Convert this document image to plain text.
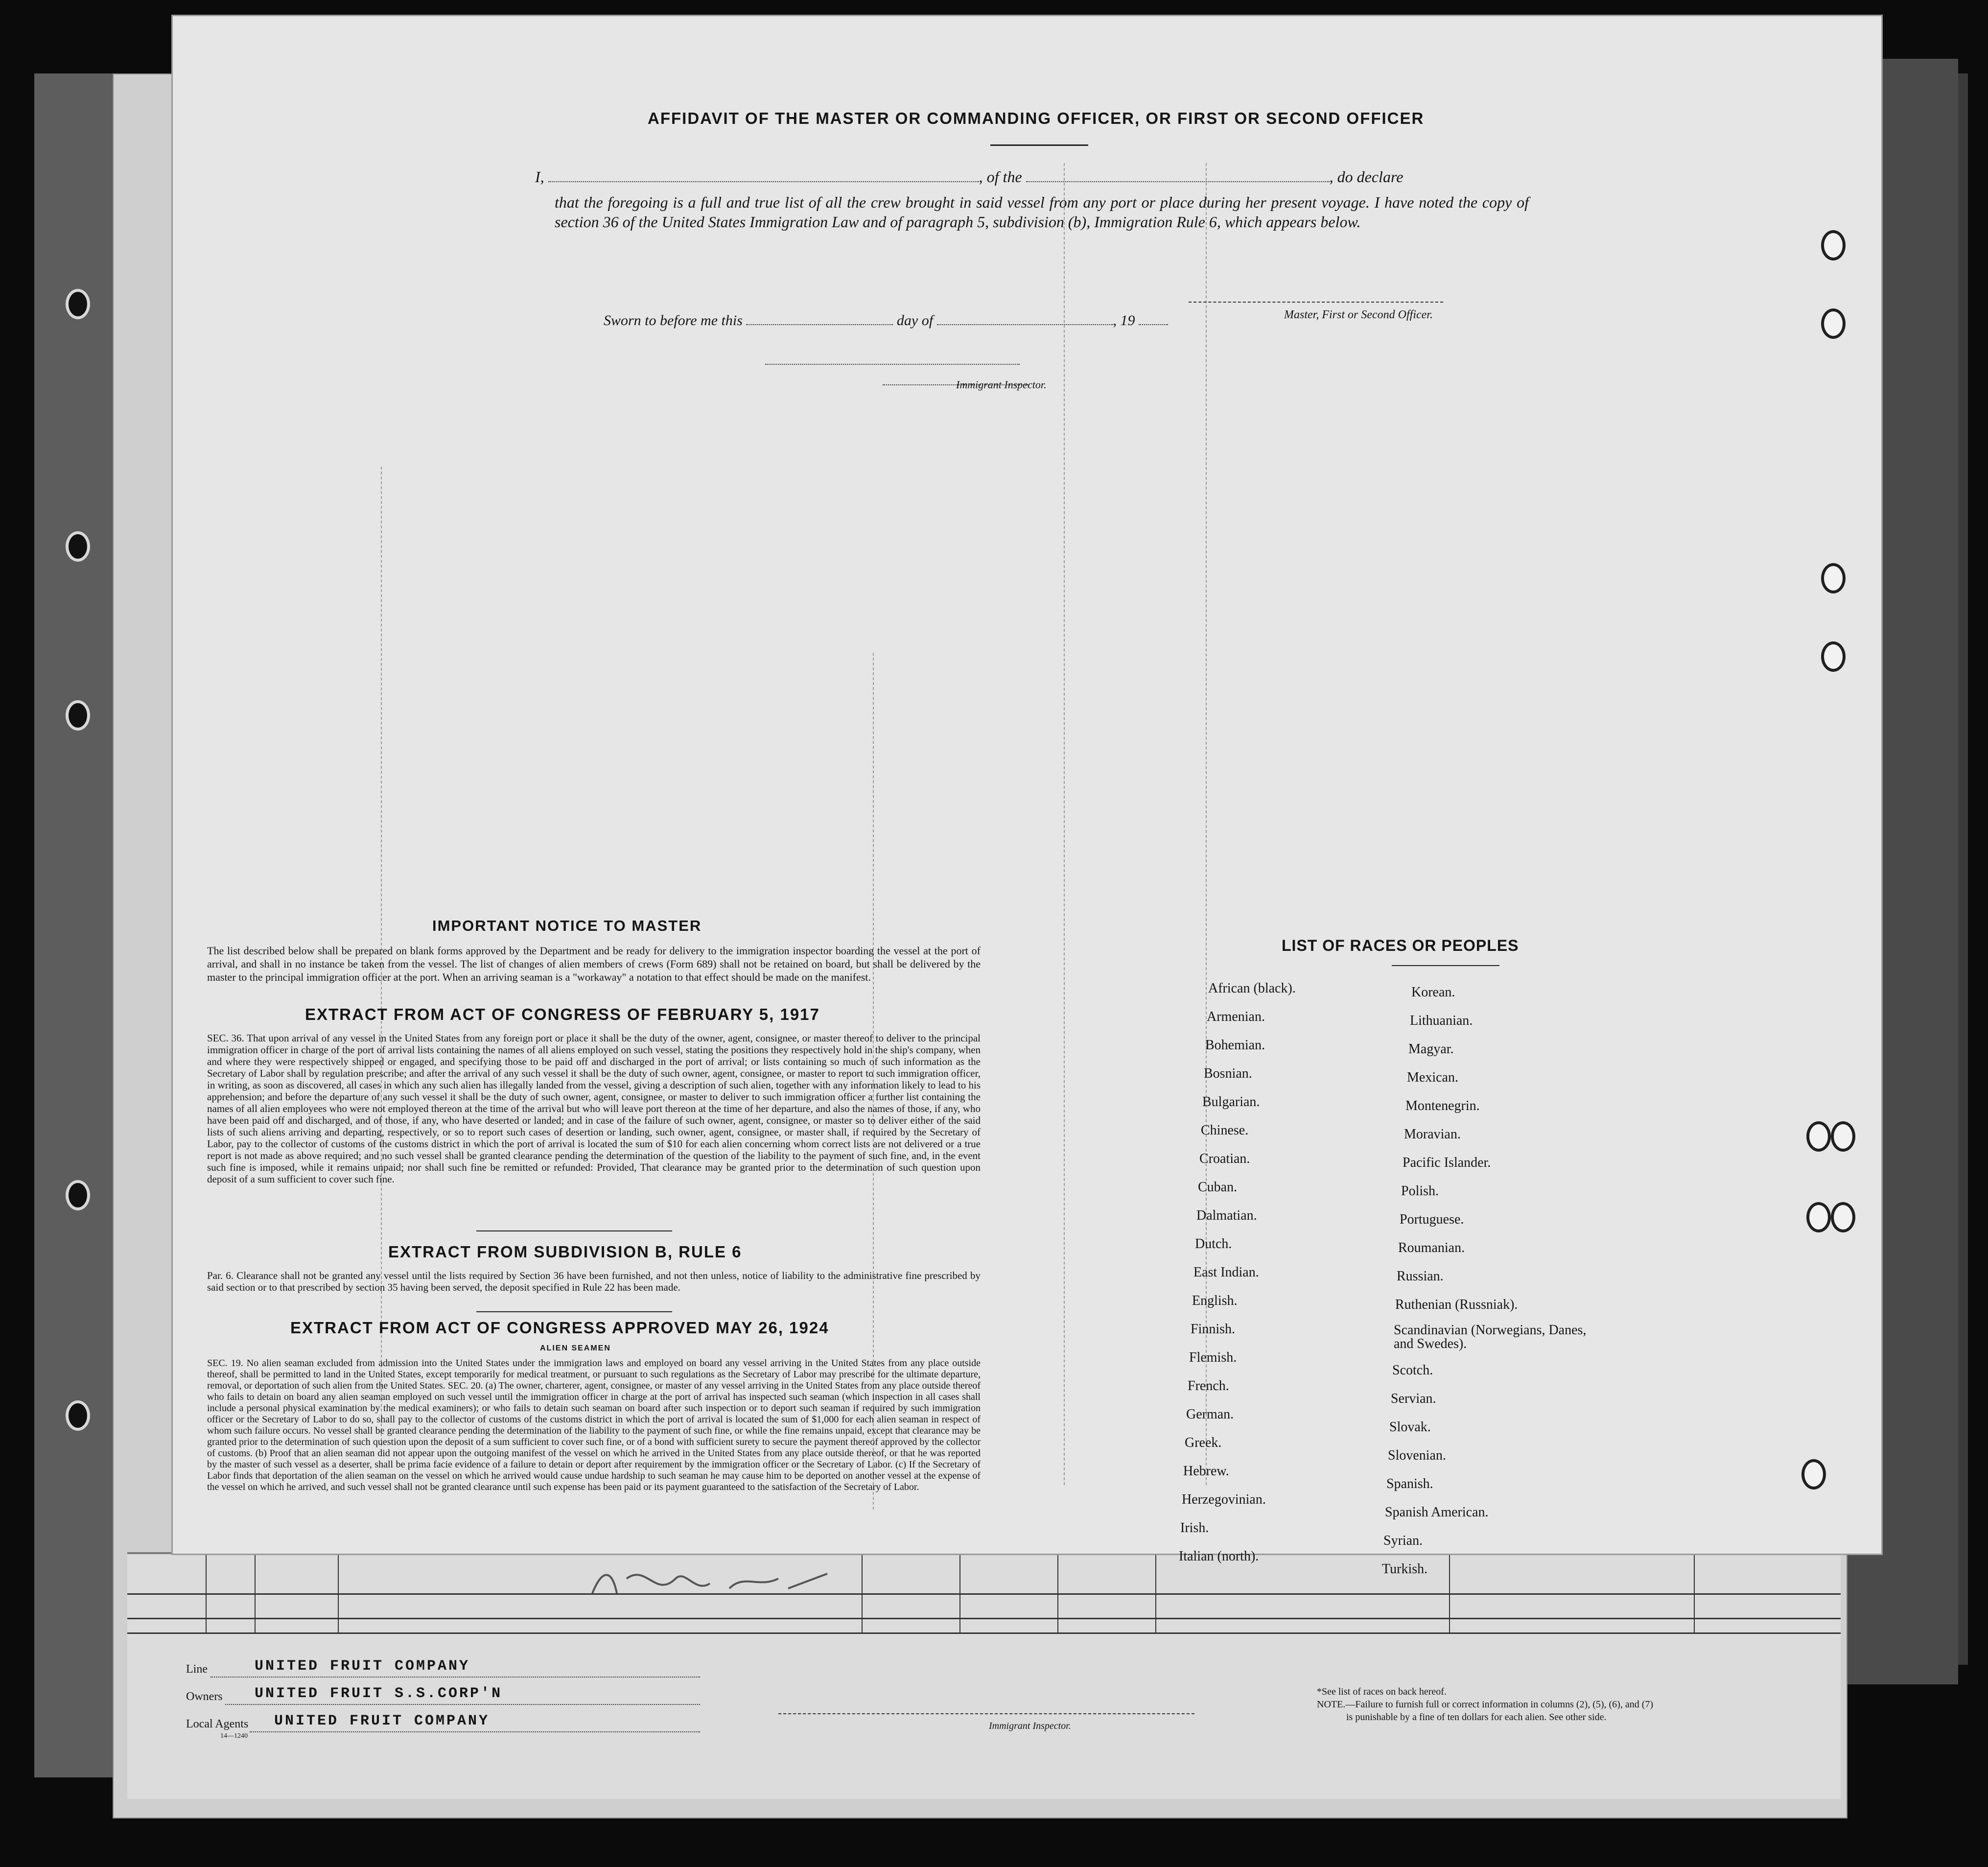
Line	UNITED FRUIT COMPANY
Owners UNITED FRUIT S.S.CORP'N
Local Agents UNITED FRUIT COMPANY
14—1240
Immigrant Inspector.
*See list of races on back hereof.
NOTE.—Failure to furnish full or correct information in columns (2), (5), (6), and (7)
is punishable by a fine of ten dollars for each alien. See other side.
AFFIDAVIT OF THE MASTER OR COMMANDING OFFICER, OR FIRST OR SECOND OFFICER
I,	, of the	, do declare
that the foregoing is a full and true list of all the crew brought in said vessel from any port or place during her present voyage. I have noted the copy of section 36 of the United States Immigration Law and of paragraph 5, subdivision (b), Immigration Rule 6, which appears below.
Master, First or Second Officer.
Sworn to before me this	day of	, 19
Immigrant Inspector.
IMPORTANT NOTICE TO MASTER
The list described below shall be prepared on blank forms approved by the Department and be ready for delivery to the immigration inspector boarding the vessel at the port of arrival, and shall in no instance be taken from the vessel. The list of changes of alien members of crews (Form 689) shall not be retained on board, but shall be delivered by the master to the principal immigration officer at the port. When an arriving seaman is a "workaway" a notation to that effect should be made on the manifest.
EXTRACT FROM ACT OF CONGRESS OF FEBRUARY 5, 1917
SEC. 36. That upon arrival of any vessel in the United States from any foreign port or place it shall be the duty of the owner, agent, consignee, or master thereof to deliver to the principal immigration officer in charge of the port of arrival lists containing the names of all aliens employed on such vessel, stating the positions they respectively hold in the ship's company, when and where they were respectively shipped or engaged, and specifying those to be paid off and discharged in the port of arrival; or lists containing so much of such information as the Secretary of Labor shall by regulation prescribe; and after the arrival of any such vessel it shall be the duty of such owner, agent, consignee, or master to report to such immigration officer, in writing, as soon as discovered, all cases in which any such alien has illegally landed from the vessel, giving a description of such alien, together with any information likely to lead to his apprehension; and before the departure of any such vessel it shall be the duty of such owner, agent, consignee, or master to deliver to such immigration officer a further list containing the names of all alien employees who were not employed thereon at the time of the arrival but who will leave port thereon at the time of her departure, and also the names of those, if any, who have been paid off and discharged, and of those, if any, who have deserted or landed; and in case of the failure of such owner, agent, consignee, or master so to deliver either of the said lists of such aliens arriving and departing, respectively, or so to report such cases of desertion or landing, such owner, agent, consignee, or master shall, if required by the Secretary of Labor, pay to the collector of customs of the customs district in which the port of arrival is located the sum of $10 for each alien concerning whom correct lists are not delivered or a true report is not made as above required; and no such vessel shall be granted clearance pending the determination of the question of the liability to the payment of such fine, and, in the event such fine is imposed, while it remains unpaid; nor shall such fine be remitted or refunded: Provided, That clearance may be granted prior to the determination of such question upon deposit of a sum sufficient to cover such fine.
EXTRACT FROM SUBDIVISION B, RULE 6
Par. 6. Clearance shall not be granted any vessel until the lists required by Section 36 have been furnished, and not then unless, notice of liability to the administrative fine prescribed by said section or to that prescribed by section 35 having been served, the deposit specified in Rule 22 has been made.
EXTRACT FROM ACT OF CONGRESS APPROVED MAY 26, 1924
ALIEN SEAMEN
SEC. 19. No alien seaman excluded from admission into the United States under the immigration laws and employed on board any vessel arriving in the United States from any place outside thereof, shall be permitted to land in the United States, except temporarily for medical treatment, or pursuant to such regulations as the Secretary of Labor may prescribe for the ultimate departure, removal, or deportation of such alien from the United States. SEC. 20. (a) The owner, charterer, agent, consignee, or master of any vessel arriving in the United States from any place outside thereof who fails to detain on board any alien seaman employed on such vessel until the immigration officer in charge at the port of arrival has inspected such seaman (which inspection in all cases shall include a personal physical examination by the medical examiners); or who fails to detain such seaman on board after such inspection or to deport such seaman if required by such immigration officer or the Secretary of Labor to do so, shall pay to the collector of customs of the customs district in which the port of arrival is located the sum of $1,000 for each alien seaman in respect of whom such failure occurs. No vessel shall be granted clearance pending the determination of the liability to the payment of such fine, or while the fine remains unpaid, except that clearance may be granted prior to the determination of such question upon the deposit of a sum sufficient to cover such fine, or of a bond with sufficient surety to secure the payment thereof approved by the collector of customs. (b) Proof that an alien seaman did not appear upon the outgoing manifest of the vessel on which he arrived in the United States from any place outside thereof, or that he was reported by the master of such vessel as a deserter, shall be prima facie evidence of a failure to detain or deport after requirement by the immigration officer or the Secretary of Labor. (c) If the Secretary of Labor finds that deportation of the alien seaman on the vessel on which he arrived would cause undue hardship to such seaman he may cause him to be deported on another vessel at the expense of the vessel on which he arrived, and such vessel shall not be granted clearance until such expense has been paid or its payment guaranteed to the satisfaction of the Secretary of Labor.
LIST OF RACES OR PEOPLES
African (black).
Armenian.
Bohemian.
Bosnian.
Bulgarian.
Chinese.
Croatian.
Cuban.
Dalmatian.
Dutch.
East Indian.
English.
Finnish.
Flemish.
French.
German.
Greek.
Hebrew.
Herzegovinian.
Irish.
Italian (north).
Korean.
Lithuanian.
Magyar.
Mexican.
Montenegrin.
Moravian.
Pacific Islander.
Polish.
Portuguese.
Roumanian.
Russian.
Ruthenian (Russniak).
Scandinavian (Norwegians, Danes, and Swedes).
Scotch.
Servian.
Slovak.
Slovenian.
Spanish.
Spanish American.
Syrian.
Turkish.
